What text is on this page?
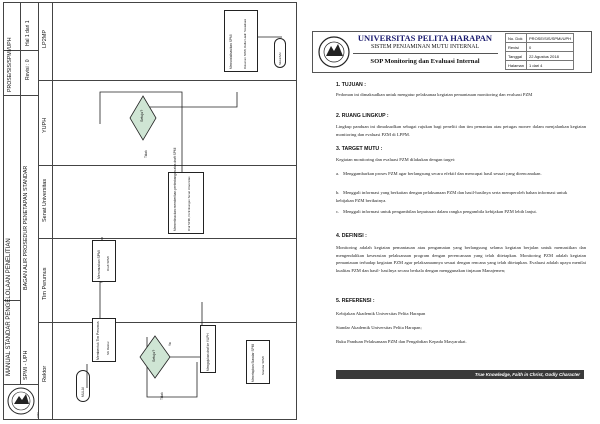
UPH
MANUAL STANDAR PENGELOLAAN PENELITIAN SPMI - UPH
BAGAN ALIR PROSEDUR PENETAPAN STANDAR
PROSE/SIS/SPMI/UPH Revisi : 0
Hal 1 dari 1
Rektor
Tim Perumus
Senat Universitas
YUPH
LP2MP
MULAI
Membentuk Tim Perumus SK Rektor
Merumuskan SPMI Draft SPMI
Memeriksa dan memberikan pertimbangan atas draft SPMI	Draf SPMI, Pertimbangan Senat Universitas
Setuju?
Ya
Tidak
Mengajukan draf ke YUPH
Setuju?
Tidak
Menetapkan Standar SPMI Standar SPMI
Mensosialisasikan SPMI	Dokumen SPMI, Daftar Hadir Sosialisasi	SELESAI
UNIVERSITAS PELITA HARAPAN
SISTEM PENJAMINAN MUTU INTERNAL
SOP Monitoring dan Evaluasi Internal
No. Dok	PROSE/SIS/SPMI/UPH
Revisi	0
Tanggal	22 Agustus 2018
Halaman	1 dari 4
1. TUJUAN :
Pedoman ini dimaksudkan untuk mengatur pelaksanaa kegiatan pemantauan monitoring dan evaluasi PZM
2. RUANG LINGKUP :
Lingkup panduan ini dimaksudkan sebagai rujukan bagi peneliti dan tim pemantau atau petugas monev dalam menjalankan kegiatan monitoring dan evaluasi PZM di LPPM.
3. TARGET MUTU :
Kegiatan monitoring dan evaluasi PZM dilakukan dengan target:
a. Menggambarkan proses PZM agar berlangsung secara efektif dan mencapai hasil sesuai yang direncanakan.
b. Menggali informasi yang berkaitan dengan pelaksanaan PZM dan hasil-hasilnya serta memperoleh bahan informasi untuk kebijakan PZM berikutnya.
c. Menggali informasi untuk pengambilan keputusan dalam rangka pengambila kebijakan PZM lebih lanjut.
4. DEFINISI :
Monitoring adalah kegiatan pemantauan atau pengamatan yang berlangsung selama kegiatan berjalan untuk memastikan dan mengendalikan keserasian pelaksanaan program dengan perencanaan yang telah ditetapkan. Monitoring PZM adalah kegiatan pemantauan terhadap kegiatan PZM agar pelaksanaannya sesuai dengan rencana yang telah ditetapkan. Evaluasi adalah upaya menilai kualitas PZM dan hasil- hasilnya secara berkala dengan menggunakan tinjauan Manajemen;
5. REFERENSI :
Kebijakan Akademik Universitas Pelita Harapan
Standar Akademik Universitas Pelita Harapan;
Buku Panduan Pelaksanaan PZM dan Pengabdian Kepada Masyarakat.
True Knowledge, Faith in Christ, Godly Character
